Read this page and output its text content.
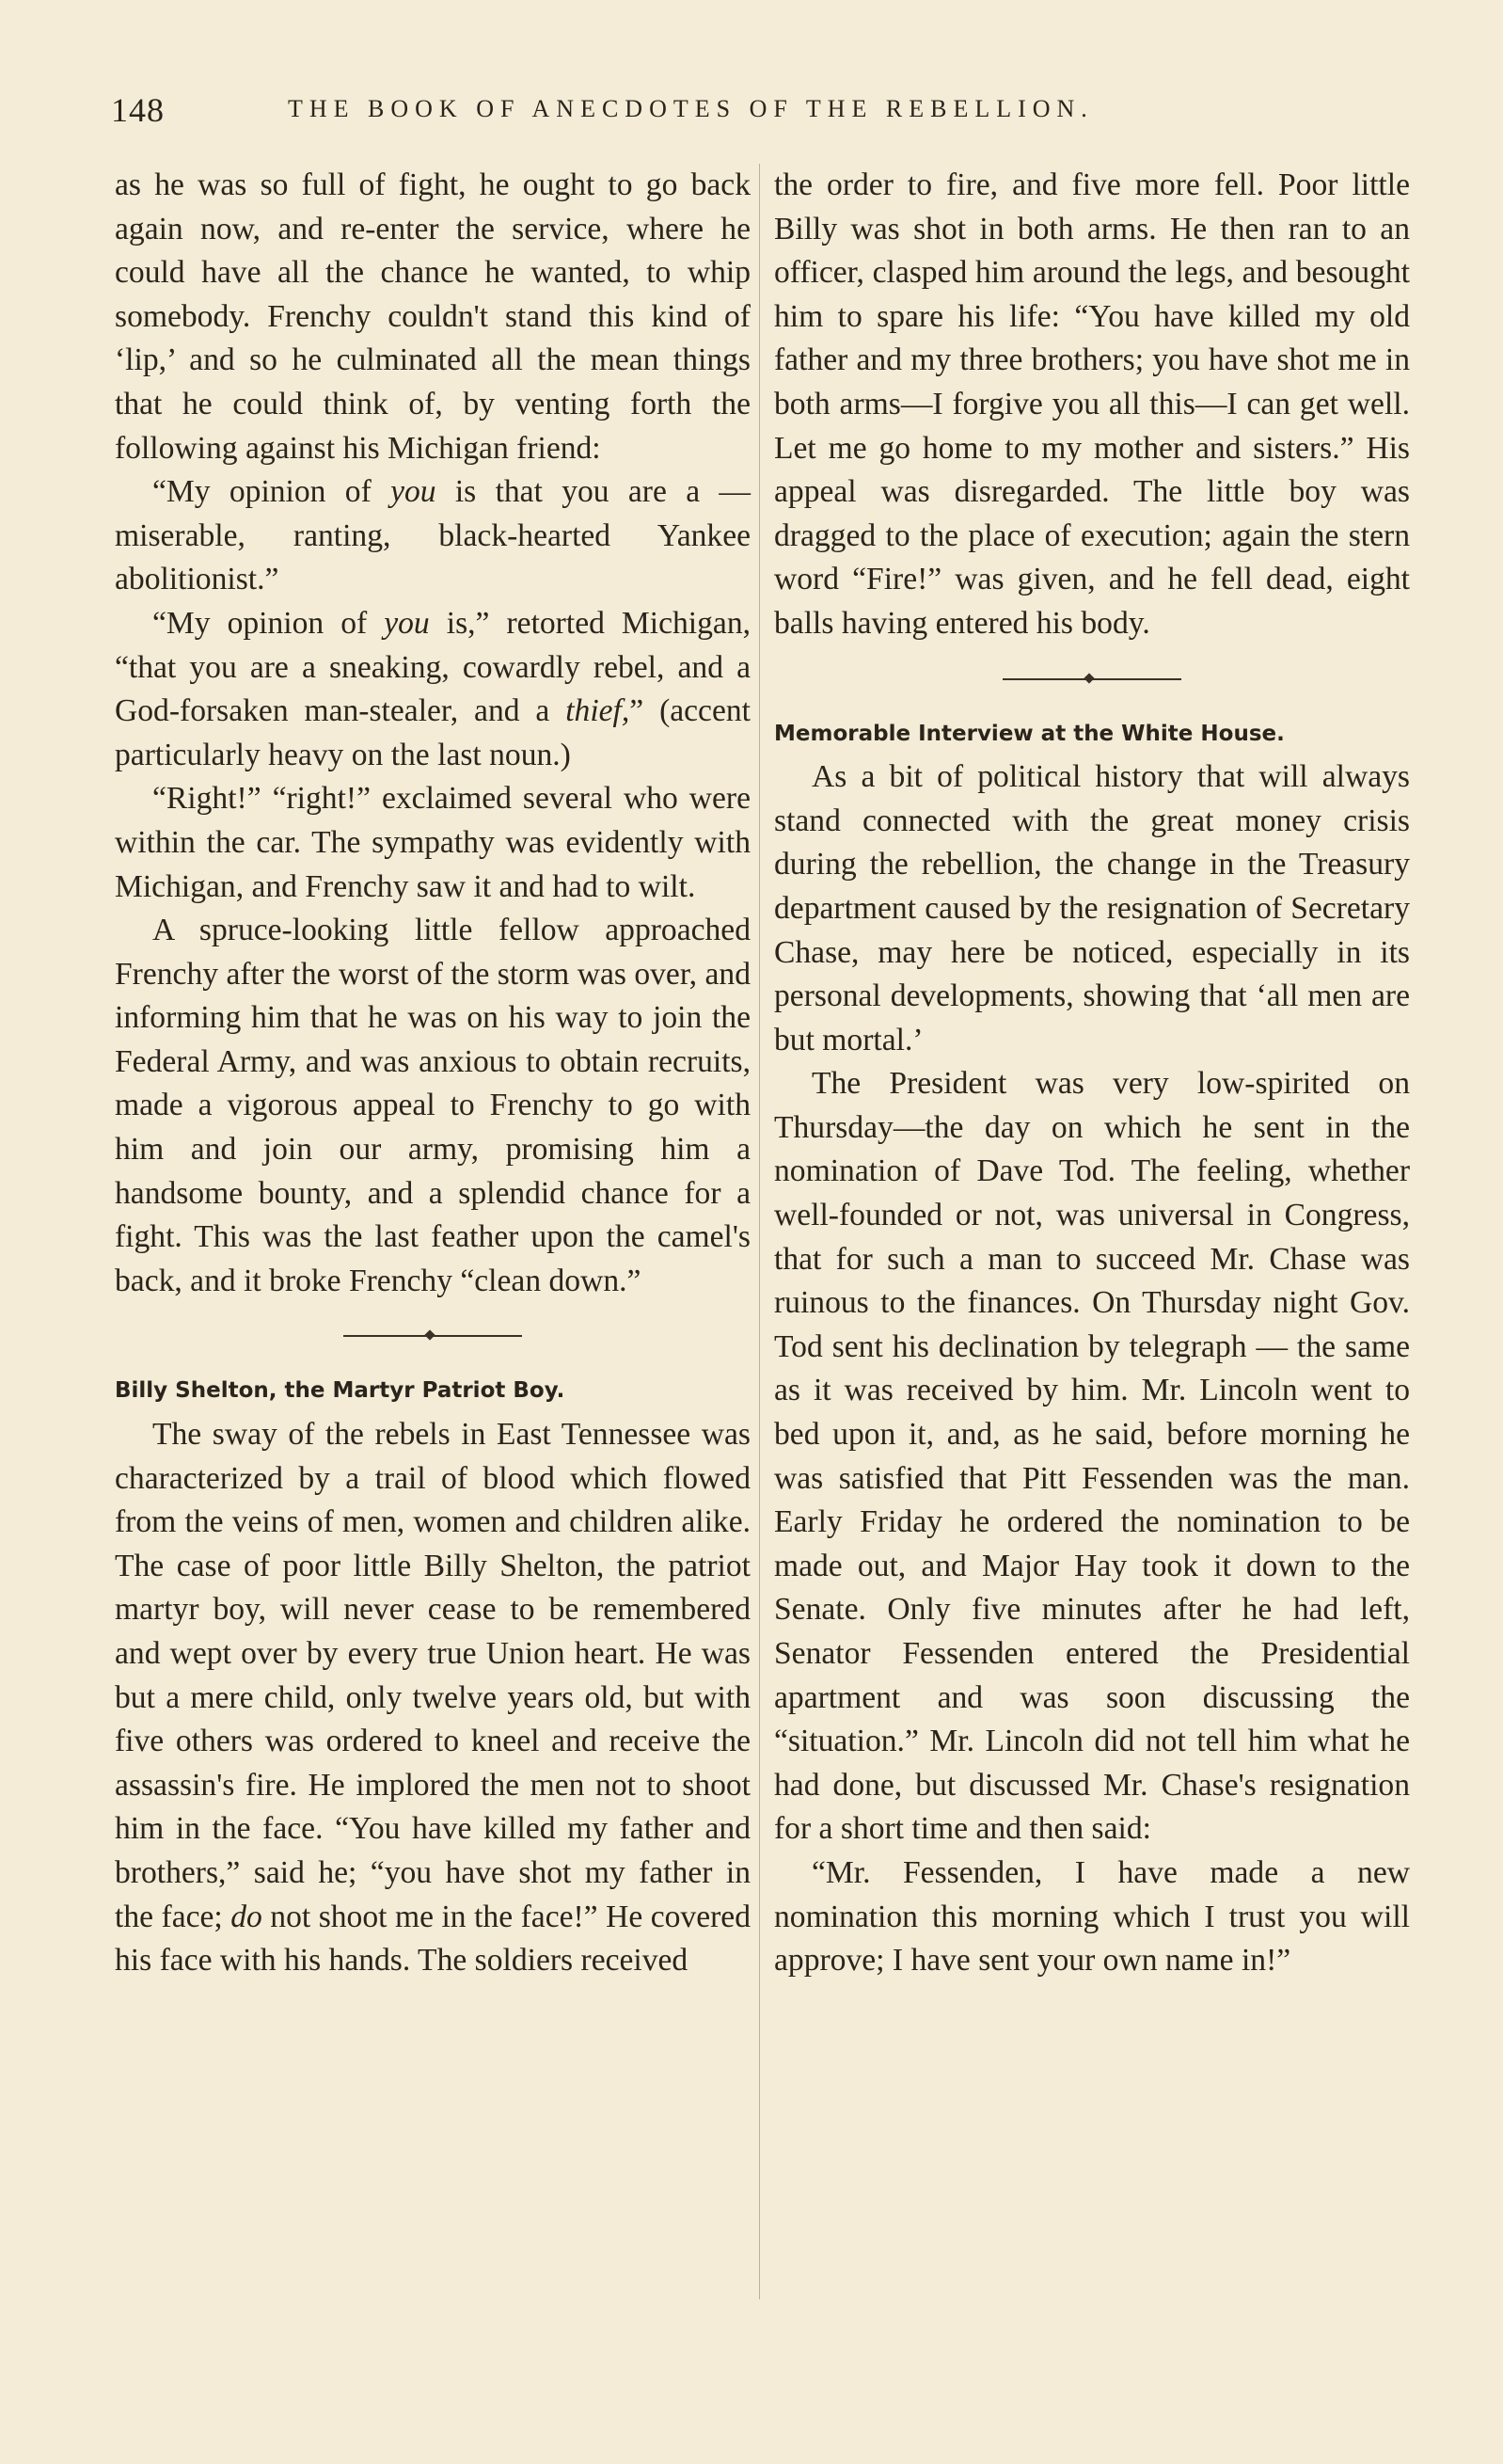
148	THE BOOK OF ANECDOTES OF THE REBELLION.

as he was so full of fight, he ought to go back again now, and re-enter the service, where he could have all the chance he wanted, to whip somebody. Frenchy couldn't stand this kind of ‘lip,’ and so he culminated all the mean things that he could think of, by venting forth the following against his Michigan friend:

“My opinion of you is that you are a — miserable, ranting, black-hearted Yankee abolitionist.”

“My opinion of you is,” retorted Michigan, “that you are a sneaking, cowardly rebel, and a God-forsaken man-stealer, and a thief,” (accent particularly heavy on the last noun.)

“Right!” “right!” exclaimed several who were within the car. The sympathy was evidently with Michigan, and Frenchy saw it and had to wilt.

A spruce-looking little fellow approached Frenchy after the worst of the storm was over, and informing him that he was on his way to join the Federal Army, and was anxious to obtain recruits, made a vigorous appeal to Frenchy to go with him and join our army, promising him a handsome bounty, and a splendid chance for a fight. This was the last feather upon the camel's back, and it broke Frenchy “clean down.”

Billy Shelton, the Martyr Patriot Boy.

The sway of the rebels in East Tennessee was characterized by a trail of blood which flowed from the veins of men, women and children alike. The case of poor little Billy Shelton, the patriot martyr boy, will never cease to be remembered and wept over by every true Union heart. He was but a mere child, only twelve years old, but with five others was ordered to kneel and receive the assassin's fire. He implored the men not to shoot him in the face. “You have killed my father and brothers,” said he; “you have shot my father in the face; do not shoot me in the face!” He covered his face with his hands. The soldiers received

the order to fire, and five more fell. Poor little Billy was shot in both arms. He then ran to an officer, clasped him around the legs, and besought him to spare his life: “You have killed my old father and my three brothers; you have shot me in both arms—I forgive you all this—I can get well. Let me go home to my mother and sisters.” His appeal was disregarded. The little boy was dragged to the place of execution; again the stern word “Fire!” was given, and he fell dead, eight balls having entered his body.

Memorable Interview at the White House.

As a bit of political history that will always stand connected with the great money crisis during the rebellion, the change in the Treasury department caused by the resignation of Secretary Chase, may here be noticed, especially in its personal developments, showing that ‘all men are but mortal.’

The President was very low-spirited on Thursday—the day on which he sent in the nomination of Dave Tod. The feeling, whether well-founded or not, was universal in Congress, that for such a man to succeed Mr. Chase was ruinous to the finances. On Thursday night Gov. Tod sent his declination by telegraph — the same as it was received by him. Mr. Lincoln went to bed upon it, and, as he said, before morning he was satisfied that Pitt Fessenden was the man. Early Friday he ordered the nomination to be made out, and Major Hay took it down to the Senate. Only five minutes after he had left, Senator Fessenden entered the Presidential apartment and was soon discussing the “situation.” Mr. Lincoln did not tell him what he had done, but discussed Mr. Chase's resignation for a short time and then said:

“Mr. Fessenden, I have made a new nomination this morning which I trust you will approve; I have sent your own name in!”
